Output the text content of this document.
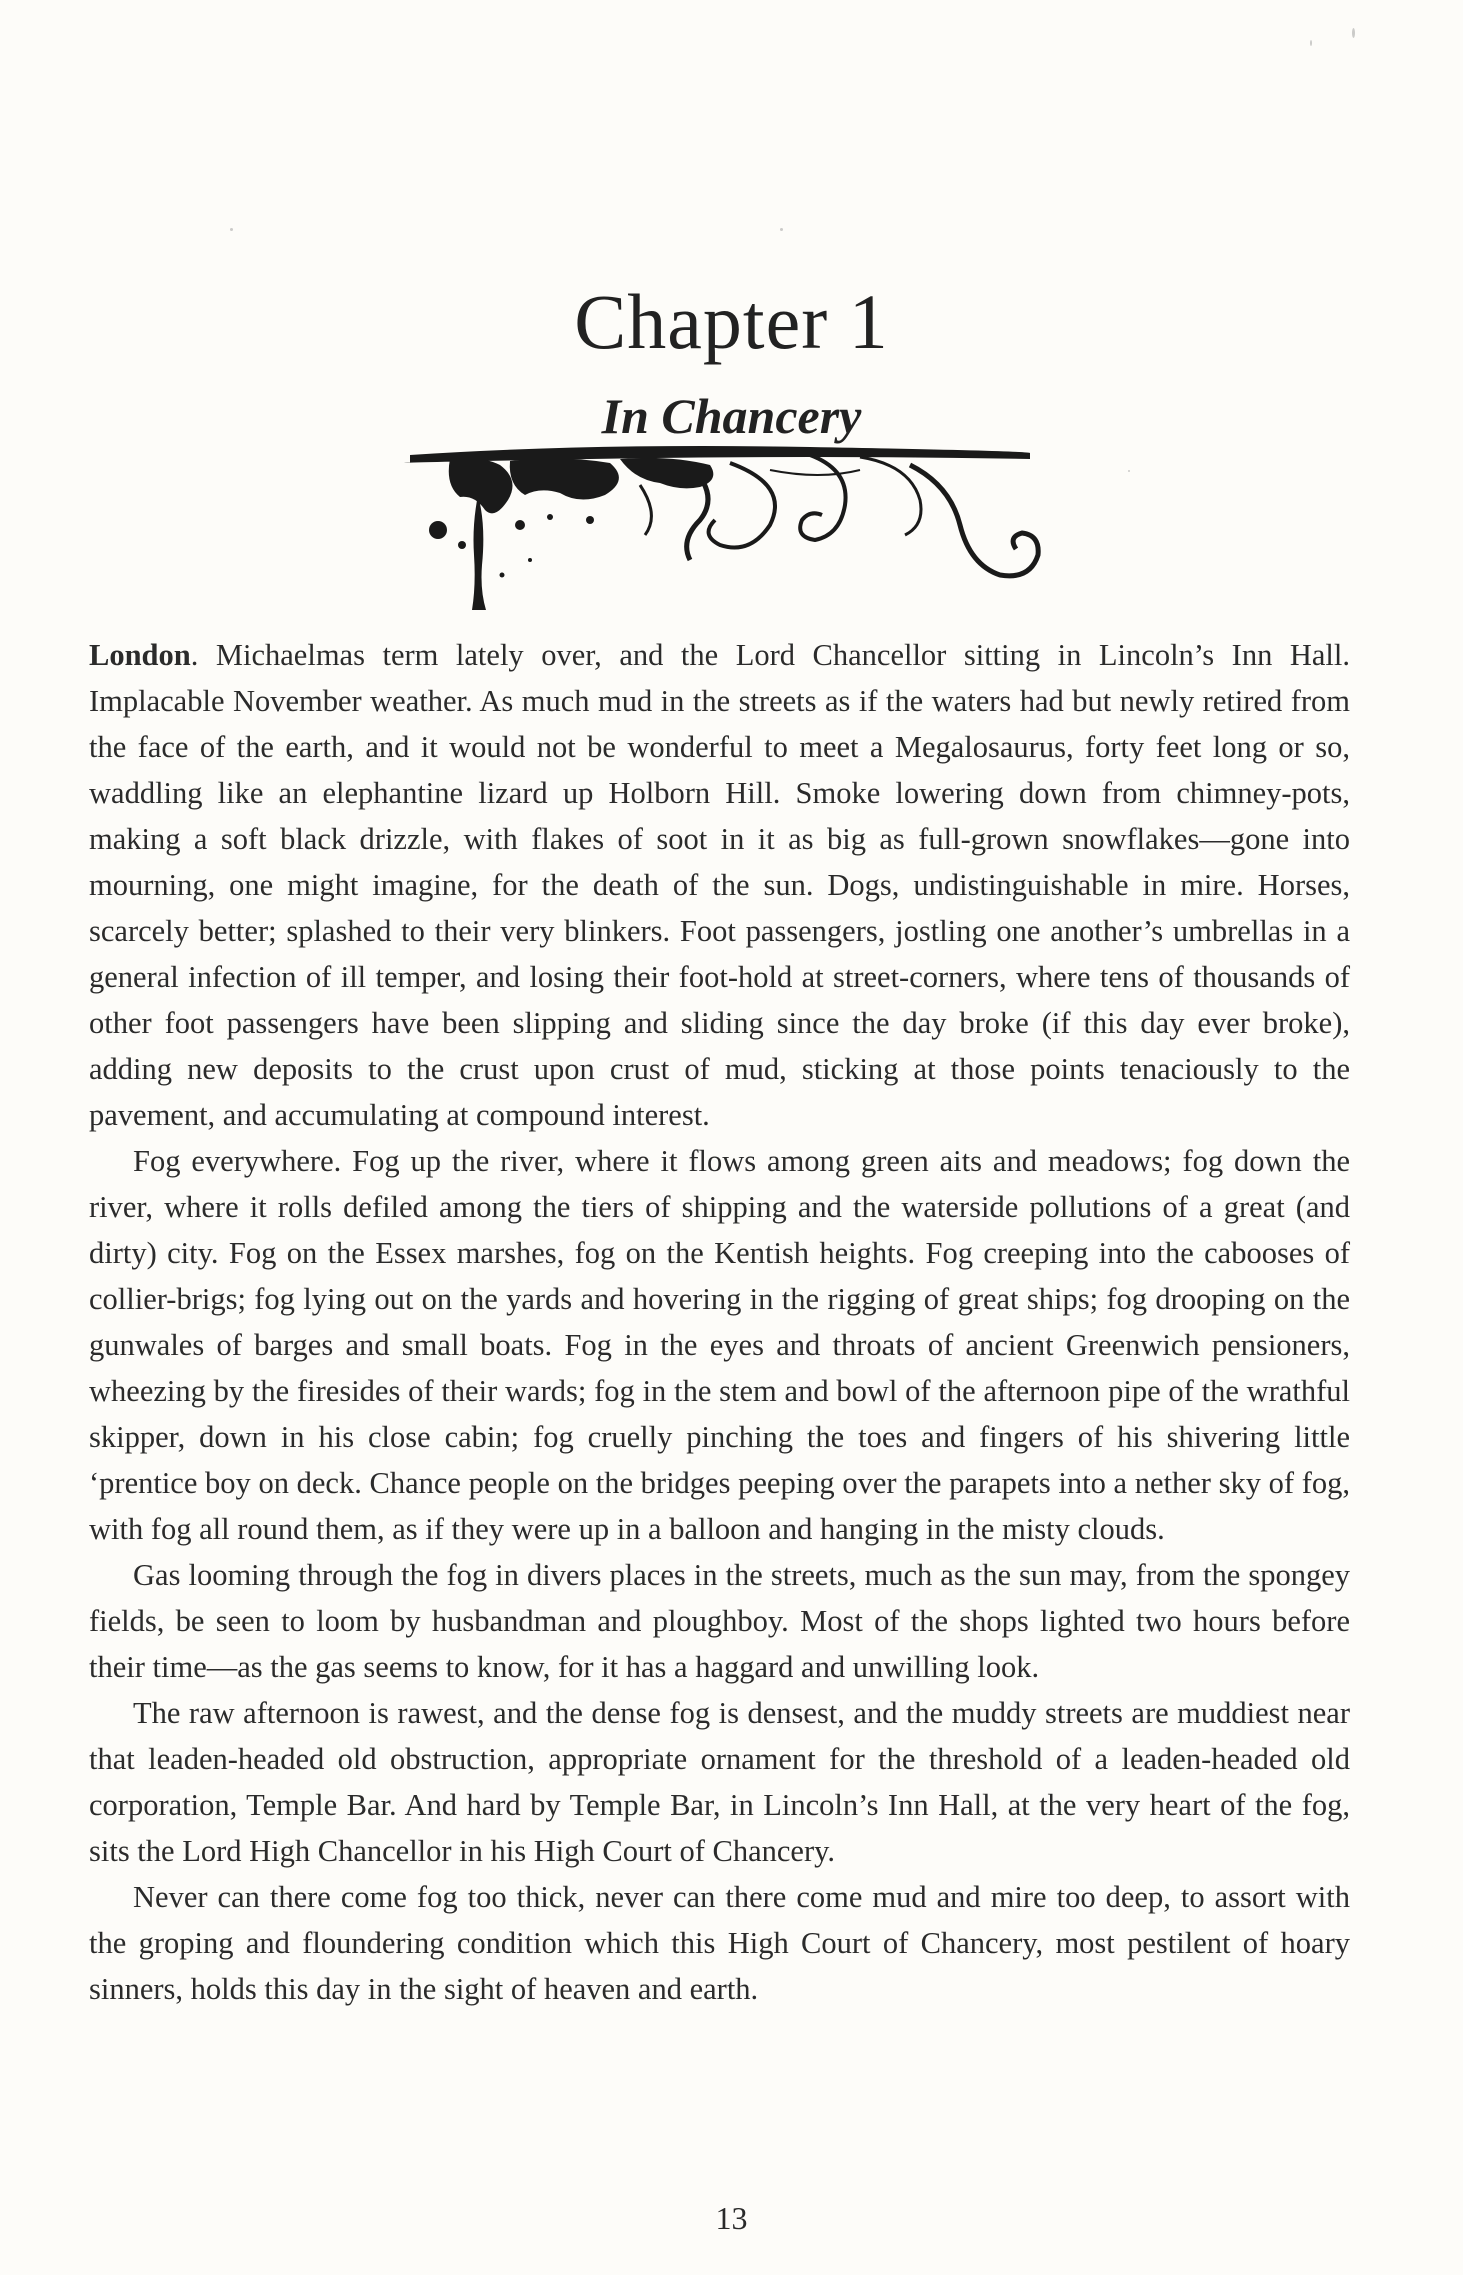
Chapter 1
In Chancery

London. Michaelmas term lately over, and the Lord Chancellor sitting in Lincoln’s Inn Hall. Implacable November weather. As much mud in the streets as if the waters had but newly retired from the face of the earth, and it would not be wonderful to meet a Megalosaurus, forty feet long or so, waddling like an elephantine lizard up Holborn Hill. Smoke lowering down from chimney-pots, making a soft black drizzle, with flakes of soot in it as big as full-grown snowflakes—gone into mourning, one might imagine, for the death of the sun. Dogs, undistinguishable in mire. Horses, scarcely better; splashed to their very blinkers. Foot passengers, jostling one another’s umbrellas in a general infection of ill temper, and losing their foot-hold at street-corners, where tens of thousands of other foot passengers have been slipping and sliding since the day broke (if this day ever broke), adding new deposits to the crust upon crust of mud, sticking at those points tenaciously to the pavement, and accumulating at compound interest.

Fog everywhere. Fog up the river, where it flows among green aits and meadows; fog down the river, where it rolls defiled among the tiers of shipping and the waterside pollutions of a great (and dirty) city. Fog on the Essex marshes, fog on the Kentish heights. Fog creeping into the cabooses of collier-brigs; fog lying out on the yards and hovering in the rigging of great ships; fog drooping on the gunwales of barges and small boats. Fog in the eyes and throats of ancient Greenwich pensioners, wheezing by the firesides of their wards; fog in the stem and bowl of the afternoon pipe of the wrathful skipper, down in his close cabin; fog cruelly pinching the toes and fingers of his shivering little ‘prentice boy on deck. Chance people on the bridges peeping over the parapets into a nether sky of fog, with fog all round them, as if they were up in a balloon and hanging in the misty clouds.

Gas looming through the fog in divers places in the streets, much as the sun may, from the spongey fields, be seen to loom by husbandman and ploughboy. Most of the shops lighted two hours before their time—as the gas seems to know, for it has a haggard and unwilling look.

The raw afternoon is rawest, and the dense fog is densest, and the muddy streets are muddiest near that leaden-headed old obstruction, appropriate ornament for the threshold of a leaden-headed old corporation, Temple Bar. And hard by Temple Bar, in Lincoln’s Inn Hall, at the very heart of the fog, sits the Lord High Chancellor in his High Court of Chancery.

Never can there come fog too thick, never can there come mud and mire too deep, to assort with the groping and floundering condition which this High Court of Chancery, most pestilent of hoary sinners, holds this day in the sight of heaven and earth.

13
